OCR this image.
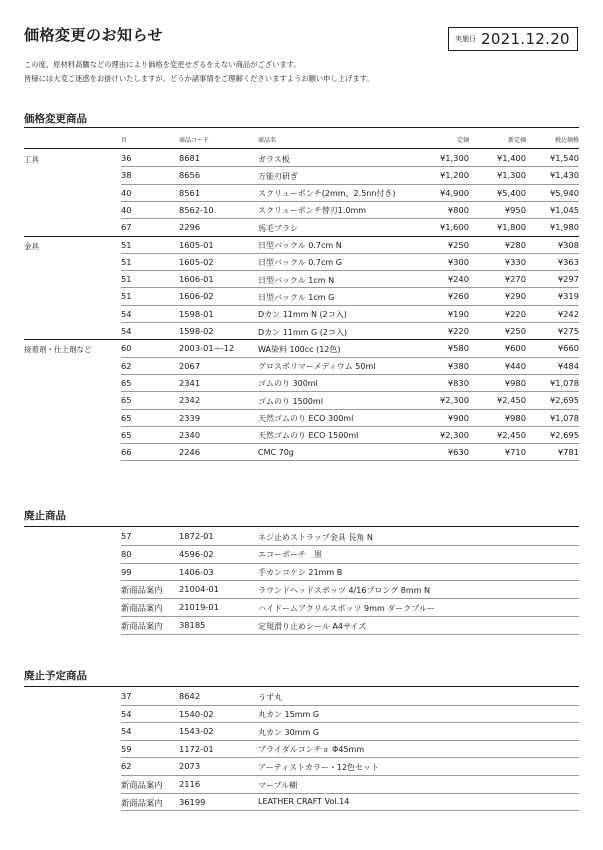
価格変更のお知らせ	実施日 2021.12.20
この度、原材料高騰などの理由により価格を変更せざるをえない商品がございます。
皆様には大変ご迷惑をお掛けいたしますが、どうか諸事情をご理解くださいますようお願い申し上げます。
価格変更商品
頁	商品コード	商品名	定価	新定価	税込価格
工具	36	8681	ガラス板	¥1,300	¥1,400	¥1,540
38	8656	万能刃研ぎ	¥1,200	¥1,300	¥1,430
40	8561	スクリューポンチ(2mm、2.5nn付き)	¥4,900	¥5,400	¥5,940
40	8562-10	スクリューポンチ替刃1.0mm	¥800	¥950	¥1,045
67	2296	馬毛ブラシ	¥1,600	¥1,800	¥1,980
金具	51	1605-01	日型バックル 0.7cm N	¥250	¥280	¥308
51	1605-02	日型バックル 0.7cm G	¥300	¥330	¥363
51	1606-01	日型バックル 1cm N	¥240	¥270	¥297
51	1606-02	日型バックル 1cm G	¥260	¥290	¥319
54	1598-01	Dカン 11mm N (2コ入)	¥190	¥220	¥242
54	1598-02	Dカン 11mm G (2コ入)	¥220	¥250	¥275
接着剤・仕上剤など	60	2003-01~-12	WA染料 100cc (12色)	¥580	¥600	¥660
62	2067	グロスポリマーメディウム 50ml	¥380	¥440	¥484
65	2341	ゴムのり 300ml	¥830	¥980	¥1,078
65	2342	ゴムのり 1500ml	¥2,300	¥2,450	¥2,695
65	2339	天然ゴムのり ECO 300ml	¥900	¥980	¥1,078
65	2340	天然ゴムのり ECO 1500ml	¥2,300	¥2,450	¥2,695
66	2246	CMC 70g	¥630	¥710	¥781
廃止商品
57	1872-01	ネジ止めストラップ金具 長角 N
80	4596-02	エコーポーチ　黒
99	1406-03	手カンコケシ 21mm B
新商品案内 21004-01	ラウンドヘッドスポッツ 4/16プロング 8mm N
新商品案内 21019-01	ハイドームアクリルスポッツ 9mm ダークブルー
新商品案内 38185	定規滑り止めシール A4サイズ
廃止予定商品
37	8642	うず丸
54	1540-02	丸カン 15mm G
54	1543-02	丸カン 30mm G
59	1172-01	ブライダルコンチョ Φ45mm
62	2073	アーティストカラー・12色セット
新商品案内 2116	マーブル糊
新商品案内 36199	LEATHER CRAFT Vol.14
